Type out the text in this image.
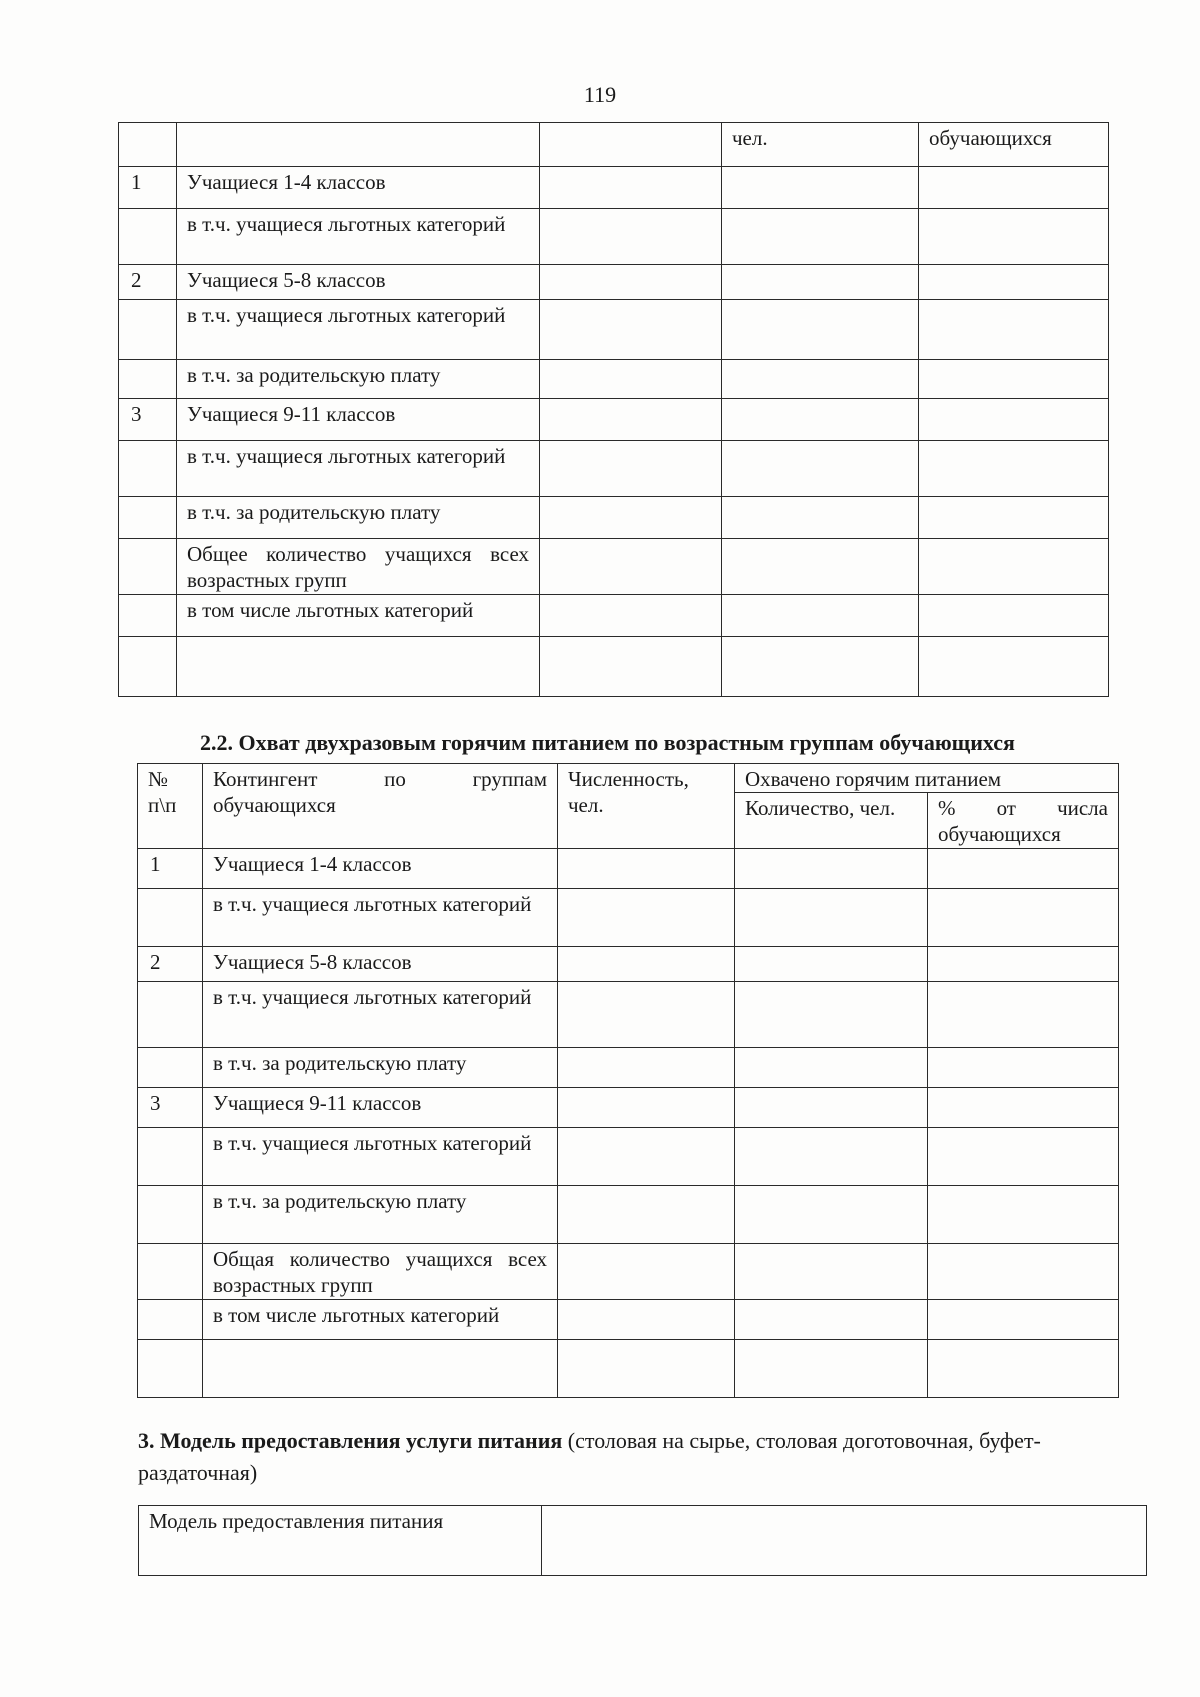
119
			чел.	обучающихся
1	Учащиеся 1-4 классов			
	в т.ч. учащиеся льготных категорий			
2	Учащиеся 5-8 классов			
	в т.ч. учащиеся льготных категорий			
	в т.ч. за родительскую плату			
3	Учащиеся 9-11 классов			
	в т.ч. учащиеся льготных категорий			
	в т.ч. за родительскую плату			
	Общее количество учащихся всех возрастных групп			
	в том числе льготных категорий			

2.2. Охват двухразовым горячим питанием по возрастным группам обучающихся
№ п\п	Контингент по группам обучающихся	Численность, чел.	Охвачено горячим питанием	
			Количество, чел.	% от числа обучающихся
1	Учащиеся 1-4 классов			
	в т.ч. учащиеся льготных категорий			
2	Учащиеся 5-8 классов			
	в т.ч. учащиеся льготных категорий			
	в т.ч. за родительскую плату			
3	Учащиеся 9-11 классов			
	в т.ч. учащиеся льготных категорий			
	в т.ч. за родительскую плату			
	Общая количество учащихся всех возрастных групп			
	в том числе льготных категорий			

3. Модель предоставления услуги питания (столовая на сырье, столовая доготовочная, буфет-раздаточная)
Модель предоставления питания	
